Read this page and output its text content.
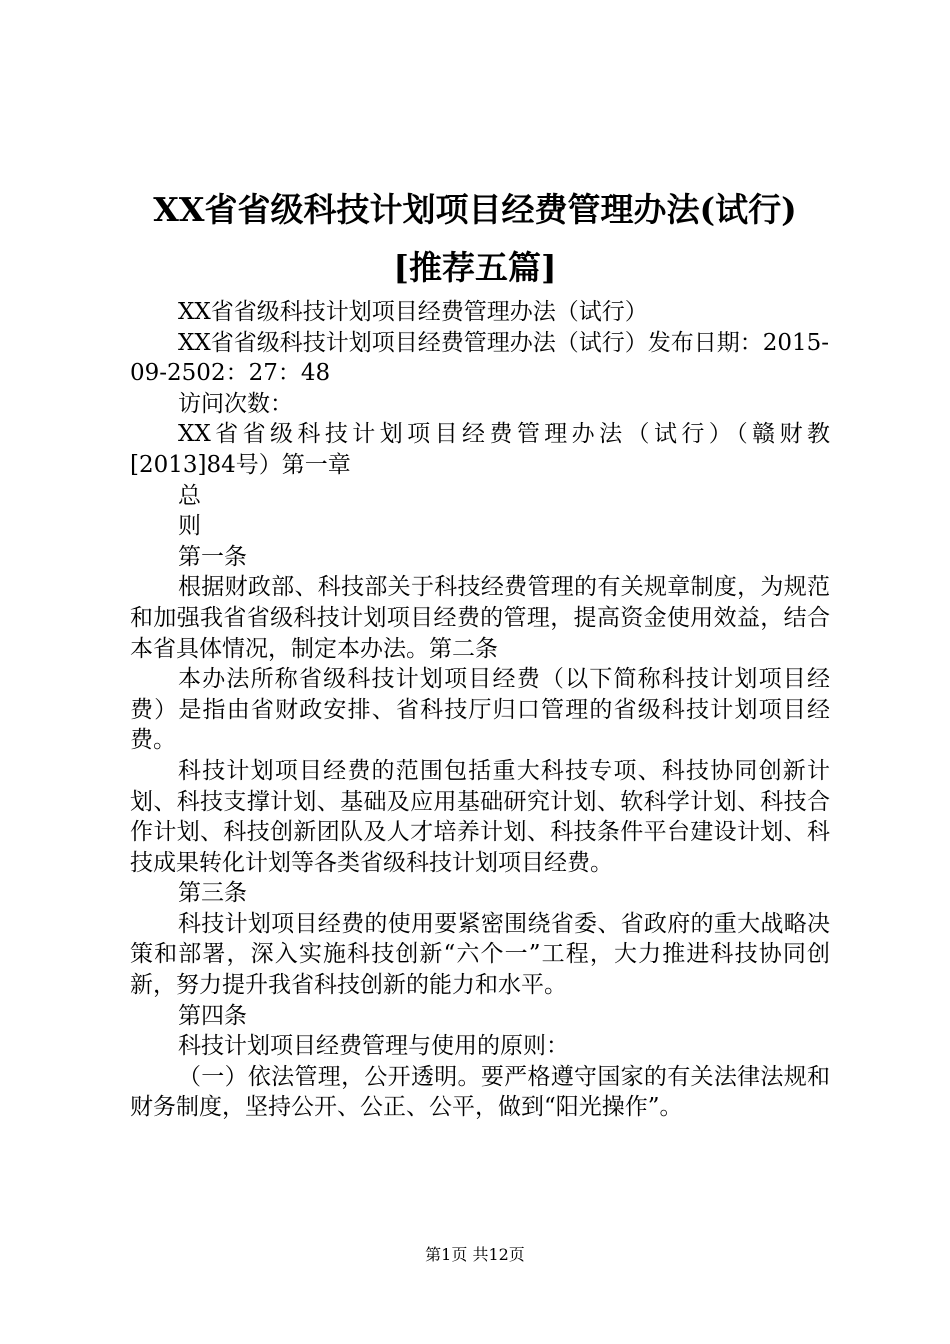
XX省省级科技计划项目经费管理办法(试行)
[推荐五篇]

XX省省级科技计划项目经费管理办法（试行）

XX省省级科技计划项目经费管理办法（试行）发布日期：2015-09-2502：27：48

访问次数：

XX省省级科技计划项目经费管理办法（试行）（赣财教[2013]84号）第一章

总

则

第一条

根据财政部、科技部关于科技经费管理的有关规章制度，为规范和加强我省省级科技计划项目经费的管理，提高资金使用效益，结合本省具体情况，制定本办法。第二条

本办法所称省级科技计划项目经费（以下简称科技计划项目经费）是指由省财政安排、省科技厅归口管理的省级科技计划项目经费。

科技计划项目经费的范围包括重大科技专项、科技协同创新计划、科技支撑计划、基础及应用基础研究计划、软科学计划、科技合作计划、科技创新团队及人才培养计划、科技条件平台建设计划、科技成果转化计划等各类省级科技计划项目经费。

第三条

科技计划项目经费的使用要紧密围绕省委、省政府的重大战略决策和部署，深入实施科技创新“六个一”工程，大力推进科技协同创新，努力提升我省科技创新的能力和水平。

第四条

科技计划项目经费管理与使用的原则：

（一）依法管理，公开透明。要严格遵守国家的有关法律法规和财务制度，坚持公开、公正、公平，做到“阳光操作”。

第1页 共12页
